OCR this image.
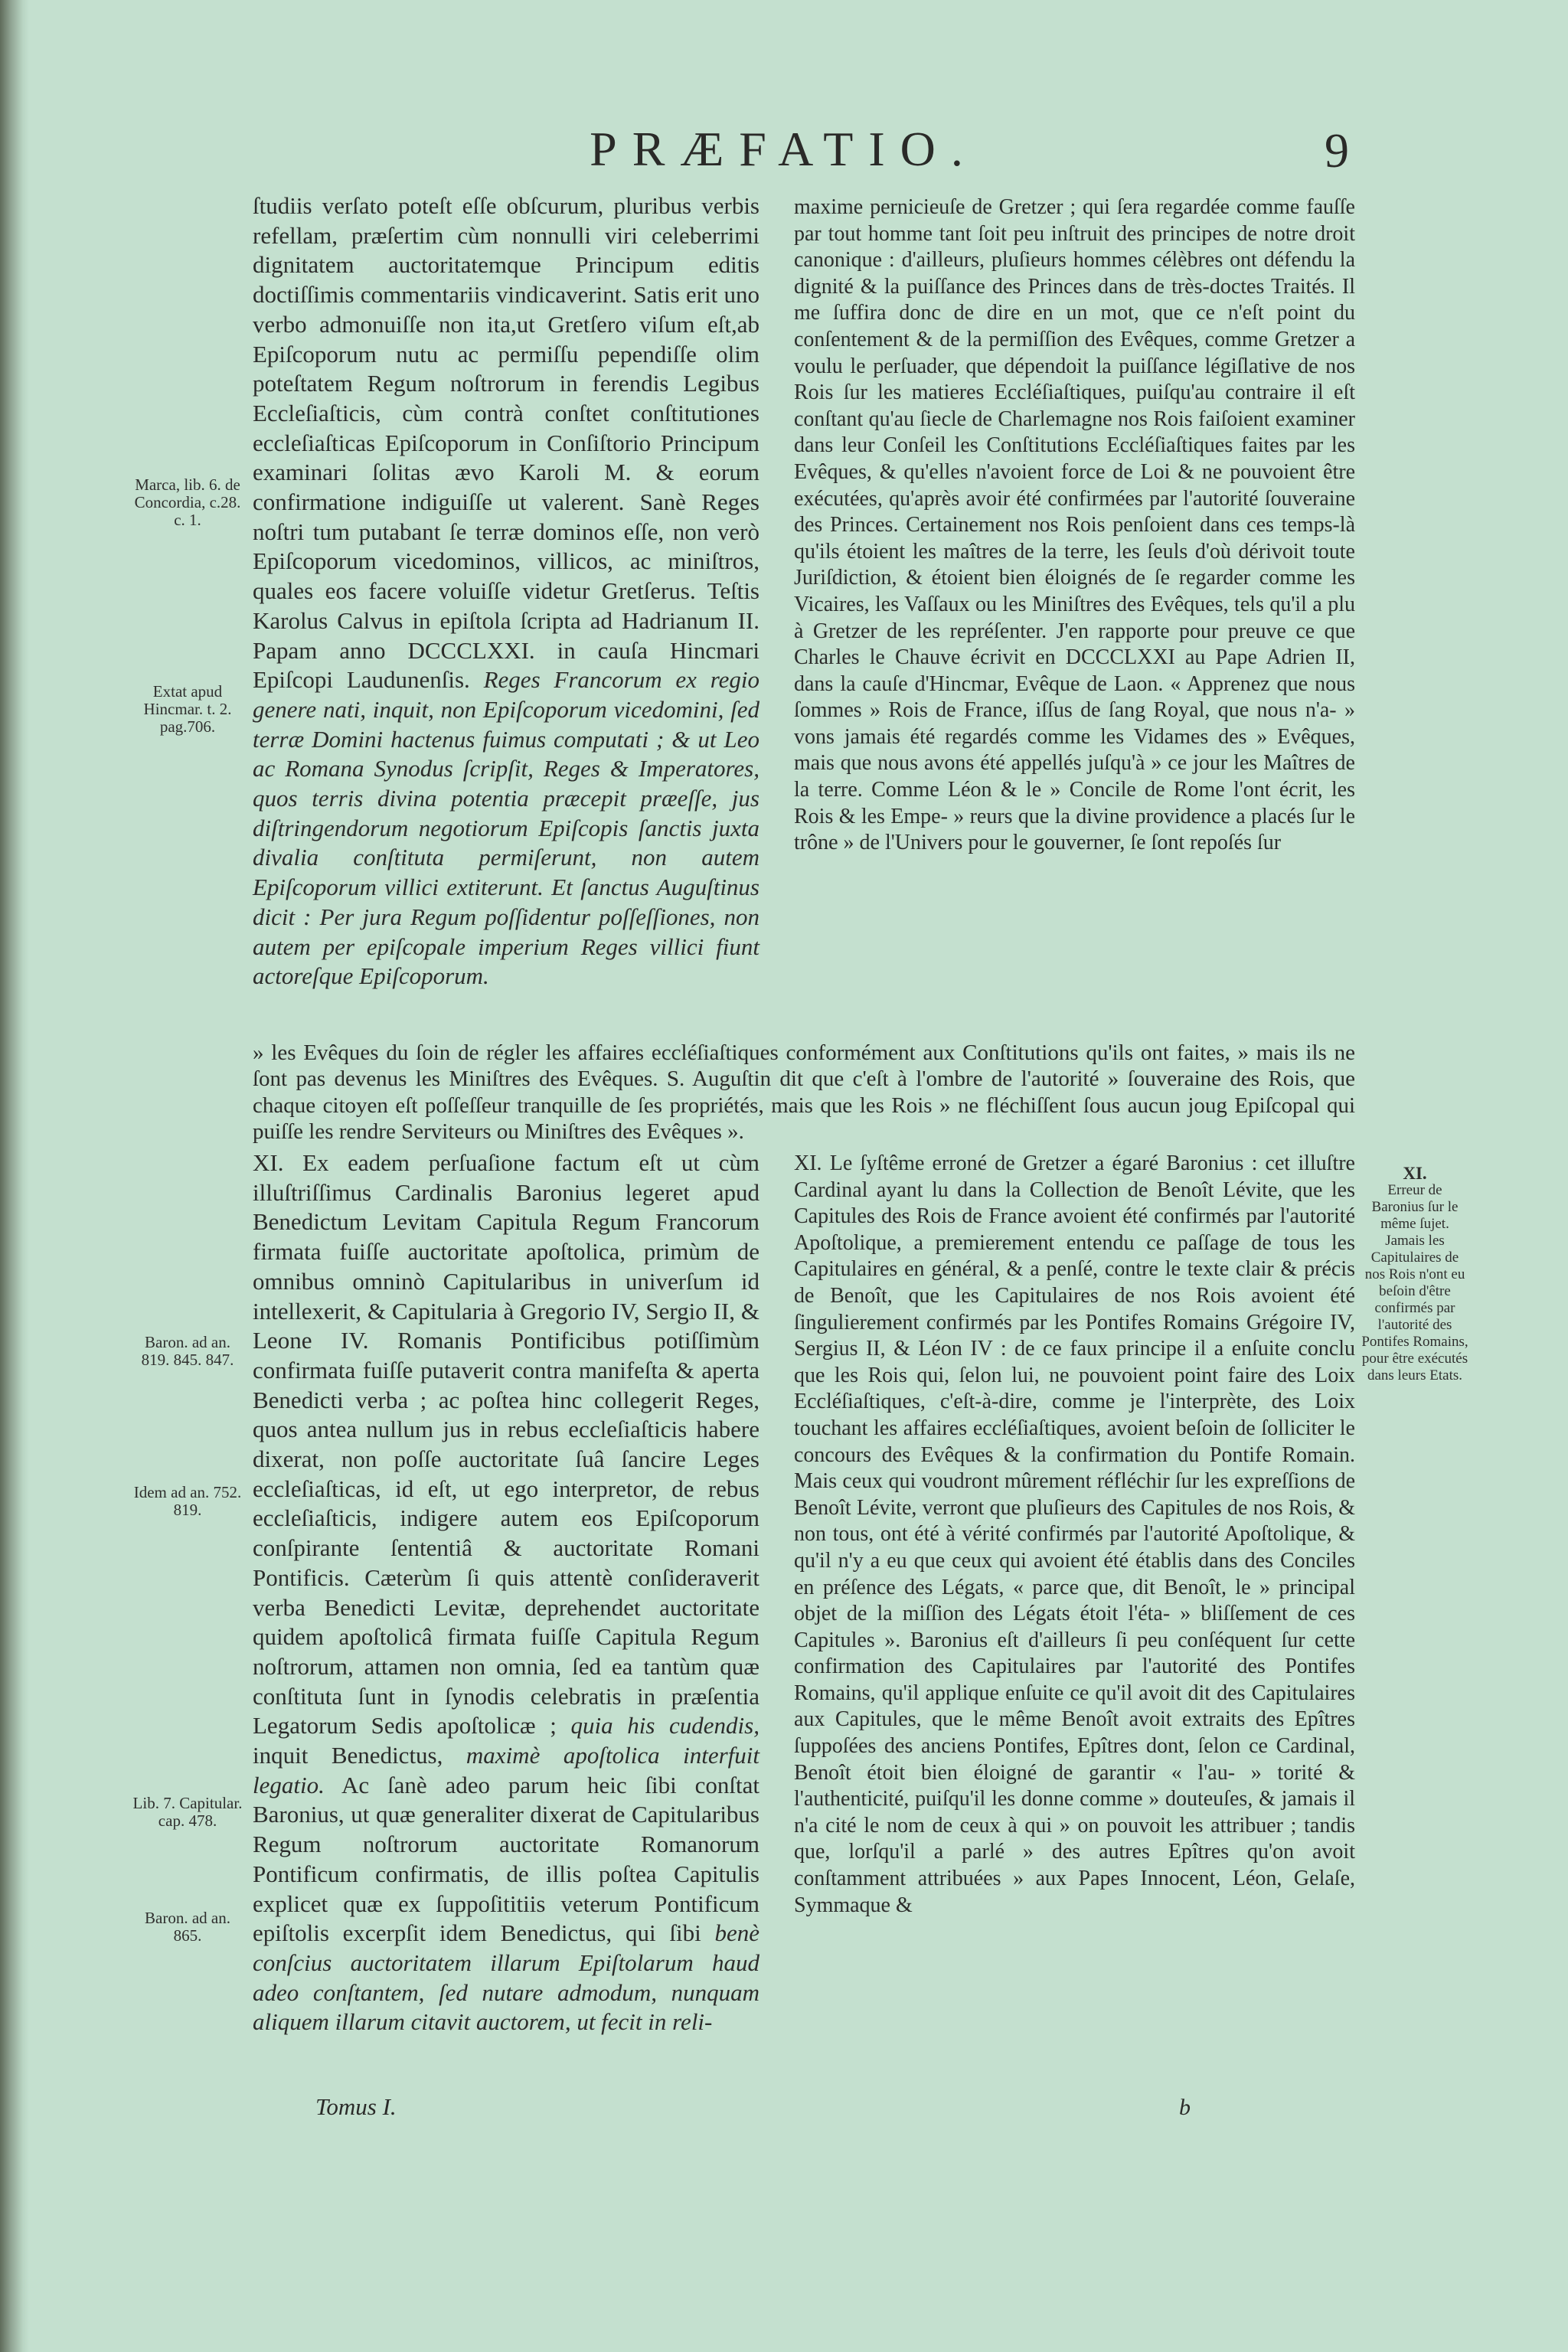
PRÆFATIO.	9

Marca, lib. 6. de Concordia, c.28. c. 1.

Extat apud Hincmar. t. 2. pag.706.

Baron. ad an. 819. 845. 847.

Idem ad an. 752. 819.

Lib. 7. Capitular. cap. 478.

Baron. ad an. 865.

ſtudiis verſato poteſt eſſe obſcurum, pluribus verbis refellam, præſertim cùm nonnulli viri celeberrimi dignitatem auctoritatemque Principum editis doctiſſimis commentariis vindicaverint. Satis erit uno verbo admonuiſſe non ita,ut Gretſero viſum eſt,ab Epiſcoporum nutu ac permiſſu pependiſſe olim poteſtatem Regum noſtrorum in ferendis Legibus Eccleſiaſticis, cùm contrà conſtet conſtitutiones eccleſiaſticas Epiſcoporum in Conſiſtorio Principum examinari ſolitas ævo Karoli M. & eorum confirmatione indiguiſſe ut valerent. Sanè Reges noſtri tum putabant ſe terræ dominos eſſe, non verò Epiſcoporum vicedominos, villicos, ac miniſtros, quales eos facere voluiſſe videtur Gretſerus. Teſtis Karolus Calvus in epiſtola ſcripta ad Hadrianum II. Papam anno DCCCLXXI. in cauſa Hincmari Epiſcopi Laudunenſis. Reges Francorum ex regio genere nati, inquit, non Epiſcoporum vicedomini, ſed terræ Domini hactenus fuimus computati ; & ut Leo ac Romana Synodus ſcripſit, Reges & Imperatores, quos terris divina potentia præcepit præeſſe, jus diſtringendorum negotiorum Epiſcopis ſanctis juxta divalia conſtituta permiſerunt, non autem Epiſcoporum villici extiterunt. Et ſanctus Auguſtinus dicit : Per jura Regum poſſidentur poſſeſſiones, non autem per epiſcopale imperium Reges villici fiunt actoreſque Epiſcoporum.
maxime pernicieuſe de Gretzer ; qui ſera regardée comme fauſſe par tout homme tant ſoit peu inſtruit des principes de notre droit canonique : d'ailleurs, pluſieurs hommes célèbres ont défendu la dignité & la puiſſance des Princes dans de très-doctes Traités. Il me ſuffira donc de dire en un mot, que ce n'eſt point du conſentement & de la permiſſion des Evêques, comme Gretzer a voulu le perſuader, que dépendoit la puiſſance légiſlative de nos Rois ſur les matieres Eccléſiaſtiques, puiſqu'au contraire il eſt conſtant qu'au ſiecle de Charlemagne nos Rois faiſoient examiner dans leur Conſeil les Conſtitutions Eccléſiaſtiques faites par les Evêques, & qu'elles n'avoient force de Loi & ne pouvoient être exécutées, qu'après avoir été confirmées par l'autorité ſouveraine des Princes. Certainement nos Rois penſoient dans ces temps-là qu'ils étoient les maîtres de la terre, les ſeuls d'où dérivoit toute Juriſdiction, & étoient bien éloignés de ſe regarder comme les Vicaires, les Vaſſaux ou les Miniſtres des Evêques, tels qu'il a plu à Gretzer de les repréſenter. J'en rapporte pour preuve ce que Charles le Chauve écrivit en DCCCLXXI au Pape Adrien II, dans la cauſe d'Hincmar, Evêque de Laon. « Apprenez que nous ſommes » Rois de France, iſſus de ſang Royal, que nous n'a- » vons jamais été regardés comme les Vidames des » Evêques, mais que nous avons été appellés juſqu'à » ce jour les Maîtres de la terre. Comme Léon & le » Concile de Rome l'ont écrit, les Rois & les Empe- » reurs que la divine providence a placés ſur le trône » de l'Univers pour le gouverner, ſe ſont repoſés ſur

» les Evêques du ſoin de régler les affaires eccléſiaſtiques conformément aux Conſtitutions qu'ils ont faites, » mais ils ne ſont pas devenus les Miniſtres des Evêques. S. Auguſtin dit que c'eſt à l'ombre de l'autorité » ſouveraine des Rois, que chaque citoyen eſt poſſeſſeur tranquille de ſes propriétés, mais que les Rois » ne fléchiſſent ſous aucun joug Epiſcopal qui puiſſe les rendre Serviteurs ou Miniſtres des Evêques ».

XI. Ex eadem perſuaſione factum eſt ut cùm illuſtriſſimus Cardinalis Baronius legeret apud Benedictum Levitam Capitula Regum Francorum firmata fuiſſe auctoritate apoſtolica, primùm de omnibus omninò Capitularibus in univerſum id intellexerit, & Capitularia à Gregorio IV, Sergio II, & Leone IV. Romanis Pontificibus potiſſimùm confirmata fuiſſe putaverit contra manifeſta & aperta Benedicti verba ; ac poſtea hinc collegerit Reges, quos antea nullum jus in rebus eccleſiaſticis habere dixerat, non poſſe auctoritate ſuâ ſancire Leges eccleſiaſticas, id eſt, ut ego interpretor, de rebus eccleſiaſticis, indigere autem eos Epiſcoporum conſpirante ſententiâ & auctoritate Romani Pontificis. Cæterùm ſi quis attentè conſideraverit verba Benedicti Levitæ, deprehendet auctoritate quidem apoſtolicâ firmata fuiſſe Capitula Regum noſtrorum, attamen non omnia, ſed ea tantùm quæ conſtituta ſunt in ſynodis celebratis in præſentia Legatorum Sedis apoſtolicæ ; quia his cudendis, inquit Benedictus, maximè apoſtolica interfuit legatio. Ac ſanè adeo parum heic ſibi conſtat Baronius, ut quæ generaliter dixerat de Capitularibus Regum noſtrorum auctoritate Romanorum Pontificum confirmatis, de illis poſtea Capitulis explicet quæ ex ſuppoſititiis veterum Pontificum epiſtolis excerpſit idem Benedictus, qui ſibi benè conſcius auctoritatem illarum Epiſtolarum haud adeo conſtantem, ſed nutare admodum, nunquam aliquem illarum citavit auctorem, ut fecit in reli-
XI. Le ſyſtême erroné de Gretzer a égaré Baronius : cet illuſtre Cardinal ayant lu dans la Collection de Benoît Lévite, que les Capitules des Rois de France avoient été confirmés par l'autorité Apoſtolique, a premierement entendu ce paſſage de tous les Capitulaires en général, & a penſé, contre le texte clair & précis de Benoît, que les Capitulaires de nos Rois avoient été ſingulierement confirmés par les Pontifes Romains Grégoire IV, Sergius II, & Léon IV : de ce faux principe il a enſuite conclu que les Rois qui, ſelon lui, ne pouvoient point faire des Loix Eccléſiaſtiques, c'eſt-à-dire, comme je l'interprète, des Loix touchant les affaires eccléſiaſtiques, avoient beſoin de ſolliciter le concours des Evêques & la confirmation du Pontife Romain. Mais ceux qui voudront mûrement réfléchir ſur les expreſſions de Benoît Lévite, verront que pluſieurs des Capitules de nos Rois, & non tous, ont été à vérité confirmés par l'autorité Apoſtolique, & qu'il n'y a eu que ceux qui avoient été établis dans des Conciles en préſence des Légats, « parce que, dit Benoît, le » principal objet de la miſſion des Légats étoit l'éta- » bliſſement de ces Capitules ». Baronius eſt d'ailleurs ſi peu conſéquent ſur cette confirmation des Capitulaires par l'autorité des Pontifes Romains, qu'il applique enſuite ce qu'il avoit dit des Capitulaires aux Capitules, que le même Benoît avoit extraits des Epîtres ſuppoſées des anciens Pontifes, Epîtres dont, ſelon ce Cardinal, Benoît étoit bien éloigné de garantir « l'au- » torité & l'authenticité, puiſqu'il les donne comme » douteuſes, & jamais il n'a cité le nom de ceux à qui » on pouvoit les attribuer ; tandis que, lorſqu'il a parlé » des autres Epîtres qu'on avoit conſtamment attribuées » aux Papes Innocent, Léon, Gelaſe, Symmaque &

XI.
Erreur de Baronius ſur le même ſujet. Jamais les Capitulaires de nos Rois n'ont eu beſoin d'être confirmés par l'autorité des Pontifes Romains, pour être exécutés dans leurs Etats.

Tomus I.	b
